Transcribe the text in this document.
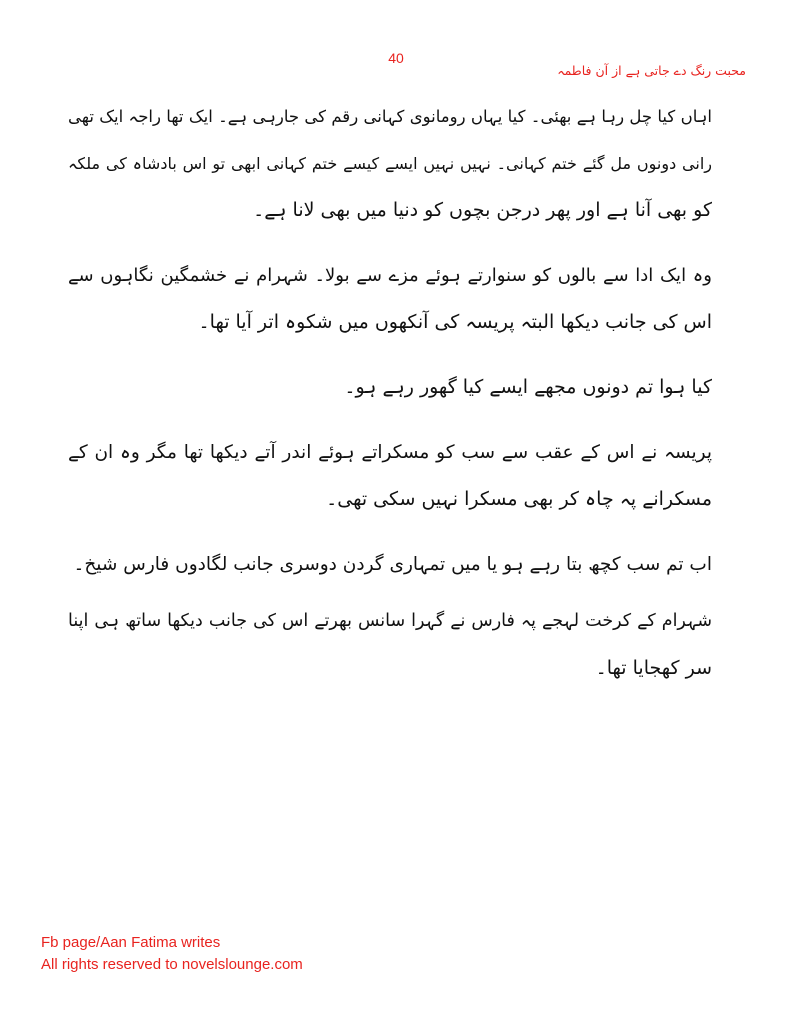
40
محبت رنگ دے جاتی ہے از آن فاطمہ
اہاں کیا چل رہا ہے بھئی۔ کیا یہاں رومانوی کہانی رقم کی جارہی ہے۔ ایک تھا راجہ ایک تھی
رانی دونوں مل گئے ختم کہانی۔ نہیں نہیں ایسے کیسے ختم کہانی ابھی تو اس بادشاہ کی ملکہ
کو بھی آنا ہے اور پھر درجن بچوں کو دنیا میں بھی لانا ہے۔
وہ ایک ادا سے بالوں کو سنوارتے ہوئے مزے سے بولا۔ شہرام نے خشمگین نگاہوں سے
اس کی جانب دیکھا البتہ پریسہ کی آنکھوں میں شکوہ اتر آیا تھا۔
کیا ہوا تم دونوں مجھے ایسے کیا گھور رہے ہو۔
پریسہ نے اس کے عقب سے سب کو مسکراتے ہوئے اندر آتے دیکھا تھا مگر وہ ان کے
مسکرانے پہ چاہ کر بھی مسکرا نہیں سکی تھی۔
اب تم سب کچھ بتا رہے ہو یا میں تمہاری گردن دوسری جانب لگادوں فارس شیخ۔
شہرام کے کرخت لہجے پہ فارس نے گہرا سانس بھرتے اس کی جانب دیکھا ساتھ ہی اپنا
سر کھجایا تھا۔
Fb page/Aan Fatima writes
All rights reserved to novelslounge.com
